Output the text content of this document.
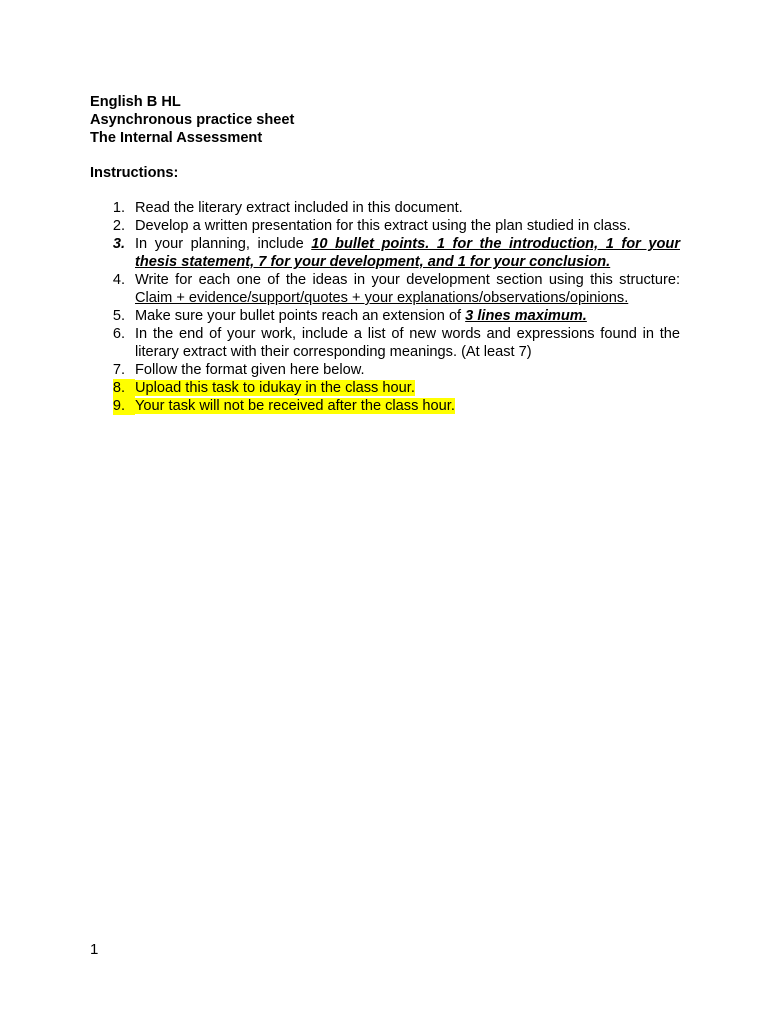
English B HL
Asynchronous practice sheet
The Internal Assessment
Instructions:
1. Read the literary extract included in this document.
2. Develop a written presentation for this extract using the plan studied in class.
3. In your planning, include 10 bullet points. 1 for the introduction, 1 for your thesis statement, 7 for your development, and 1 for your conclusion.
4. Write for each one of the ideas in your development section using this structure: Claim + evidence/support/quotes + your explanations/observations/opinions.
5. Make sure your bullet points reach an extension of 3 lines maximum.
6. In the end of your work, include a list of new words and expressions found in the literary extract with their corresponding meanings. (At least 7)
7. Follow the format given here below.
8. Upload this task to idukay in the class hour.
9. Your task will not be received after the class hour.
1
